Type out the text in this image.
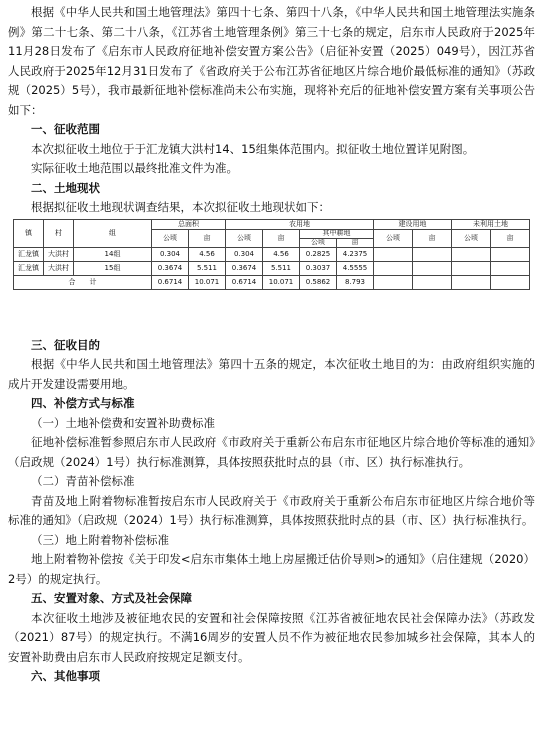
根据《中华人民共和国土地管理法》第四十七条、第四十八条，《中华人民共和国土地管理法实施条例》第二十七条、第二十八条，《江苏省土地管理条例》第三十七条的规定，启东市人民政府于2025年11月28日发布了《启东市人民政府征地补偿安置方案公告》（启征补安置（2025）049号），因江苏省人民政府于2025年12月31日发布了《省政府关于公布江苏省征地区片综合地价最低标准的通知》（苏政规（2025）5号），我市最新征地补偿标准尚未公布实施，现将补充后的征地补偿安置方案有关事项公告如下：

一、征收范围

本次拟征收土地位于于汇龙镇大洪村14、15组集体范围内。拟征收土地位置详见附图。

实际征收土地范围以最终批准文件为准。

二、土地现状

根据拟征收土地现状调查结果，本次拟征收土地现状如下：

镇	村	组	总面积		农用地				建设用地		未利用土地	
			公顷	亩	公顷	亩	其中耕地		公顷	亩	公顷	亩
							公顷	亩				
汇龙镇	大洪村	14组	0.304	4.56	0.304	4.56	0.2825	4.2375				
汇龙镇	大洪村	15组	0.3674	5.511	0.3674	5.511	0.3037	4.5555				
合　　计			0.6714	10.071	0.6714	10.071	0.5862	8.793				

三、征收目的

根据《中华人民共和国土地管理法》第四十五条的规定，本次征收土地目的为：由政府组织实施的成片开发建设需要用地。

四、补偿方式与标准

（一）土地补偿费和安置补助费标准

征地补偿标准暂参照启东市人民政府《市政府关于重新公布启东市征地区片综合地价等标准的通知》（启政规（2024）1号）执行标准测算，具体按照获批时点的县（市、区）执行标准执行。

（二）青苗补偿标准

青苗及地上附着物标准暂按启东市人民政府关于《市政府关于重新公布启东市征地区片综合地价等标准的通知》（启政规（2024）1号）执行标准测算，具体按照获批时点的县（市、区）执行标准执行。

（三）地上附着物补偿标准

地上附着物补偿按《关于印发<启东市集体土地上房屋搬迁估价导则>的通知》（启住建规（2020）2号）的规定执行。

五、安置对象、方式及社会保障

本次征收土地涉及被征地农民的安置和社会保障按照《江苏省被征地农民社会保障办法》（苏政发（2021）87号）的规定执行。不满16周岁的安置人员不作为被征地农民参加城乡社会保障，其本人的安置补助费由启东市人民政府按规定足额支付。

六、其他事项
